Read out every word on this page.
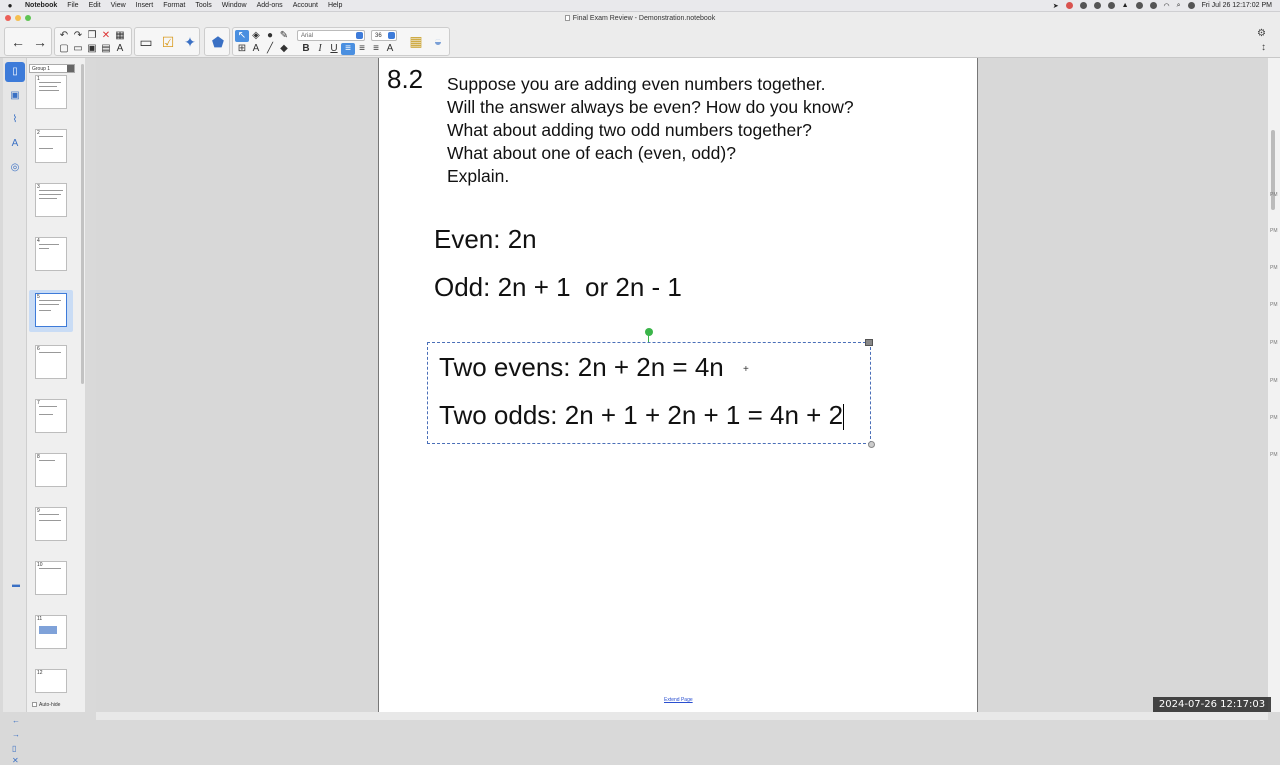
●	Notebook	File	Edit	View	Insert	Format	Tools	Window	Add-ons	Account	Help	➤	▲	◠ ⌕	Fri Jul 26 12:17:02 PM
Final Exam Review - Demonstration.notebook
← → ↶ ↷ ❐ ✕ ▦
▢ ▭ ▣ ▤ A ▭ ☑ ✦ ⬟ ↖ ◈ ● ✎
⊞ A ╱ ◆
Arial	36
B I U ≡ ≡ ≡ A ▦ ◒	⚙
↕
▯
▣
⌇
A
◎
▬
←
→
▯
✕
Group 1
1
2
3
4
5
6
7
8
9
10
11
12
Auto-hide
8.2 Suppose you are adding even numbers together.
Will the answer always be even? How do you know?
What about adding two odd numbers together?
What about one of each (even, odd)?
Explain.
Even: 2n
Odd: 2n + 1  or 2n - 1
Two evens: 2n + 2n = 4n
Two odds: 2n + 1 + 2n + 1 = 4n + 2
+
Extend Page
PM
PM
PM
PM
PM
PM
PM
PM
2024-07-26 12:17:03
